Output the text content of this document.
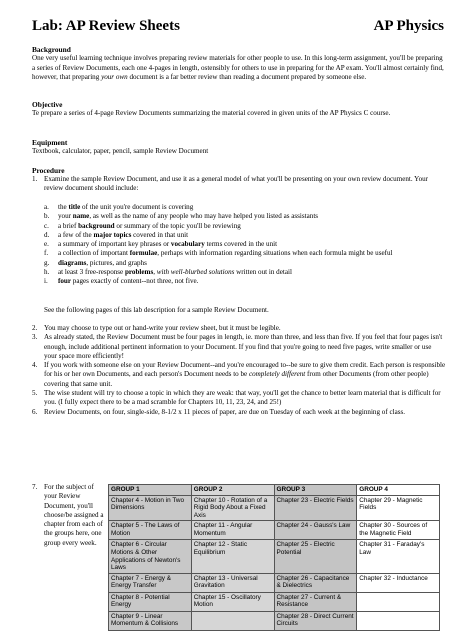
Lab: AP Review Sheets	AP Physics
Background

One very useful learning technique involves preparing review materials for other people to use. In this long-term assignment, you'll be preparing a series of Review Documents, each one 4-pages in length, ostensibly for others to use in preparing for the AP exam. You'll almost certainly find, however, that preparing your own document is a far better review than reading a document prepared by someone else.

Objective

Te prepare a series of 4-page Review Documents summarizing the material covered in given units of the AP Physics C course.

Equipment

Textbook, calculator, paper, pencil, sample Review Document

Procedure
1. Examine the sample Review Document, and use it as a general model of what you'll be presenting on your own review document. Your review document should include:
a. the title of the unit you're document is covering
b. your name, as well as the name of any people who may have helped you listed as assistants
c. a brief background or summary of the topic you'll be reviewing
d. a few of the major topics covered in that unit
e. a summary of important key phrases or vocabulary terms covered in the unit
f. a collection of important formulae, perhaps with information regarding situations when each formula might be useful
g. diagrams, pictures, and graphs
h. at least 3 free-response problems, with well-blurbed solutions written out in detail
i. four pages exactly of content--not three, not five.
See the following pages of this lab description for a sample Review Document.
2. You may choose to type out or hand-write your review sheet, but it must be legible.
3. As already stated, the Review Document must be four pages in length, ie. more than three, and less than five. If you feel that four pages isn't enough, include additional pertinent information to your Document. If you find that you're going to need five pages, write smaller or use your space more efficiently!
4. If you work with someone else on your Review Document--and you're encouraged to--be sure to give them credit. Each person is responsible for his or her own Documents, and each person's Document needs to be completely different from other Documents (from other people) covering that same unit.
5. The wise student will try to choose a topic in which they are weak: that way, you'll get the chance to better learn material that is difficult for you. (I fully expect there to be a mad scramble for Chapters 10, 11, 23, 24, and 25!)
6. Review Documents, on four, single-side, 8-1/2 x 11 pieces of paper, are due on Tuesday of each week at the beginning of class.
7. For the subject of your Review Document, you'll choose/be assigned a chapter from each of the groups here, one group every week.
GROUP 1	GROUP 2	GROUP 3	GROUP 4
Chapter 4 - Motion in Two Dimensions	Chapter 10 - Rotation of a Rigid Body About a Fixed Axis	Chapter 23 - Electric Fields	Chapter 29 - Magnetic Fields
Chapter 5 - The Laws of Motion	Chapter 11 - Angular Momentum	Chapter 24 - Gauss's Law	Chapter 30 - Sources of the Magnetic Field
Chapter 6 - Circular Motions & Other Applications of Newton's Laws	Chapter 12 - Static Equilibrium	Chapter 25 - Electric Potential	Chapter 31 - Faraday's Law
Chapter 7 - Energy & Energy Transfer	Chapter 13 - Universal Gravitation	Chapter 26 - Capacitance & Dielectrics	Chapter 32 - Inductance
Chapter 8 - Potential Energy	Chapter 15 - Oscillatory Motion	Chapter 27 - Current & Resistance	
Chapter 9 - Linear Momentum & Collisions		Chapter 28 - Direct Current Circuits	
